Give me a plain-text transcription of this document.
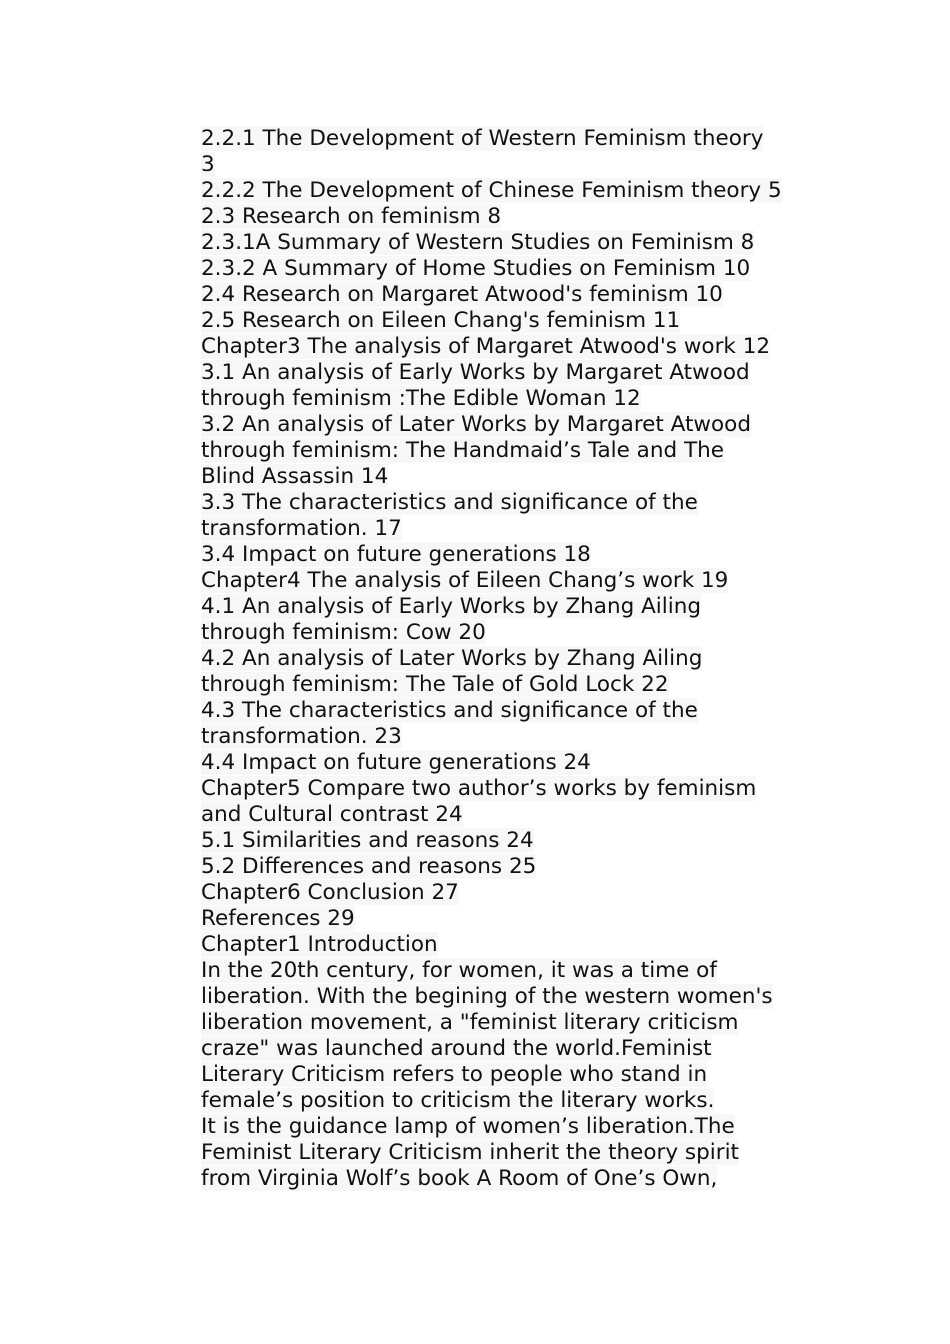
2.2.1 The Development of Western Feminism theory
3
2.2.2 The Development of Chinese Feminism theory 5
2.3 Research on feminism 8
2.3.1A Summary of Western Studies on Feminism 8
2.3.2 A Summary of Home Studies on Feminism 10
2.4 Research on Margaret Atwood's feminism 10
2.5 Research on Eileen Chang's feminism 11
Chapter3 The analysis of Margaret Atwood's work 12
3.1 An analysis of Early Works by Margaret Atwood
through feminism :The Edible Woman 12
3.2 An analysis of Later Works by Margaret Atwood
through feminism: The Handmaid’s Tale and The
Blind Assassin 14
3.3 The characteristics and significance of the
transformation. 17
3.4 Impact on future generations 18
Chapter4 The analysis of Eileen Chang’s work 19
4.1 An analysis of Early Works by Zhang Ailing
through feminism: Cow 20
4.2 An analysis of Later Works by Zhang Ailing
through feminism: The Tale of Gold Lock 22
4.3 The characteristics and significance of the
transformation. 23
4.4 Impact on future generations 24
Chapter5 Compare two author’s works by feminism
and Cultural contrast 24
5.1 Similarities and reasons 24
5.2 Differences and reasons 25
Chapter6 Conclusion 27
References 29
Chapter1 Introduction
In the 20th century, for women, it was a time of
liberation. With the begining of the western women's
liberation movement, a "feminist literary criticism
craze" was launched around the world.Feminist
Literary Criticism refers to people who stand in
female’s position to criticism the literary works.
It is the guidance lamp of women’s liberation.The
Feminist Literary Criticism inherit the theory spirit
from Virginia Wolf’s book A Room of One’s Own,
